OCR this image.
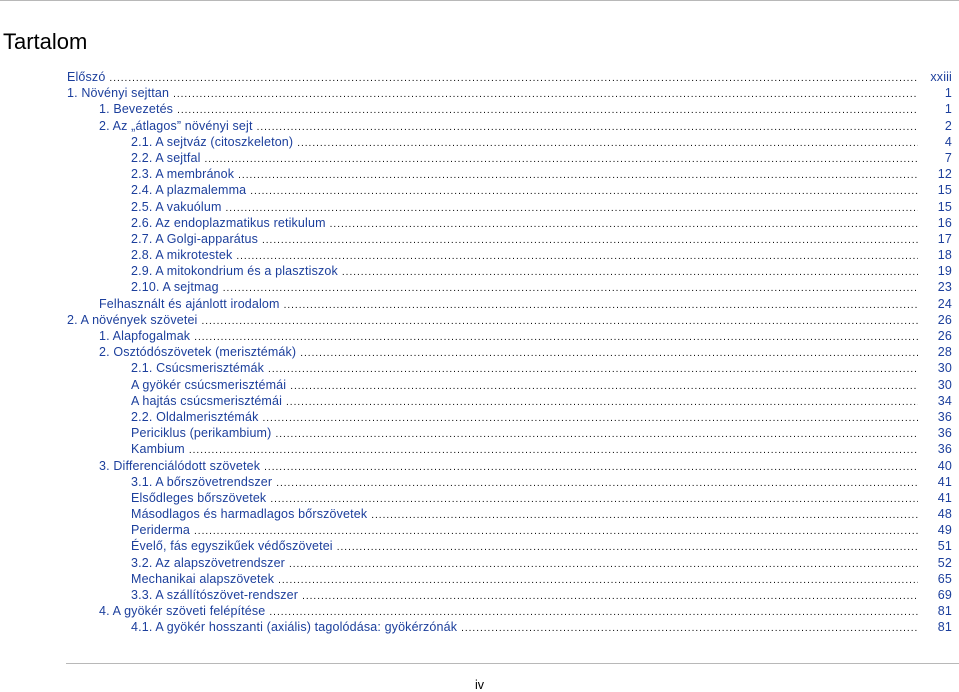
Tartalom
Előszó .....	xxiii
1. Növényi sejttan .....	1
1. Bevezetés .....	1
2. Az „átlagos” növényi sejt .....	2
2.1. A sejtváz (citoszkeleton) .....	4
2.2. A sejtfal .....	7
2.3. A membránok .....	12
2.4. A plazmalemma .....	15
2.5. A vakuólum .....	15
2.6. Az endoplazmatikus retikulum .....	16
2.7. A Golgi-apparátus .....	17
2.8. A mikrotestek .....	18
2.9. A mitokondrium és a plasztiszok .....	19
2.10. A sejtmag .....	23
Felhasznált és ajánlott irodalom .....	24
2. A növények szövetei .....	26
1. Alapfogalmak .....	26
2. Osztódószövetek (merisztémák) .....	28
2.1. Csúcsmerisztémák .....	30
A gyökér csúcsmerisztémái .....	30
A hajtás csúcsmerisztémái .....	34
2.2. Oldalmerisztémák .....	36
Periciklus (perikambium) .....	36
Kambium .....	36
3. Differenciálódott szövetek .....	40
3.1. A bőrszövetrendszer .....	41
Elsődleges bőrszövetek .....	41
Másodlagos és harmadlagos bőrszövetek .....	48
Periderma .....	49
Évelő, fás egyszikűek védőszövetei .....	51
3.2. Az alapszövetrendszer .....	52
Mechanikai alapszövetek .....	65
3.3. A szállítószövet-rendszer .....	69
4. A gyökér szöveti felépítése .....	81
4.1. A gyökér hosszanti (axiális) tagolódása: gyökérzónák .....	81
iv
